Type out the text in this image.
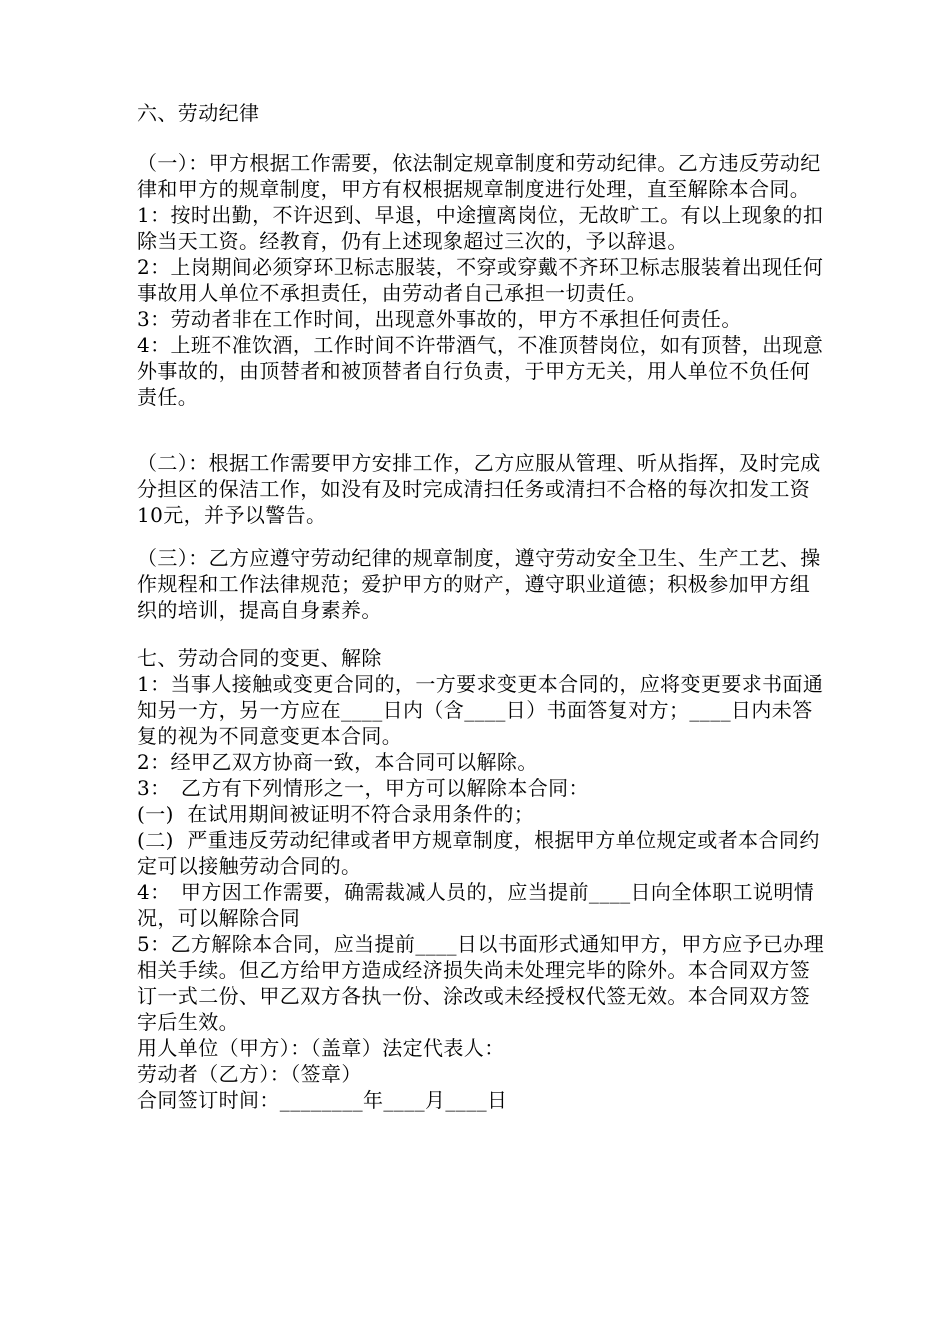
六、劳动纪律
（一）：甲方根据工作需要，依法制定规章制度和劳动纪律。乙方违反劳动纪律和甲方的规章制度，甲方有权根据规章制度进行处理，直至解除本合同。
1：按时出勤，不许迟到、早退，中途擅离岗位，无故旷工。有以上现象的扣除当天工资。经教育，仍有上述现象超过三次的，予以辞退。
2：上岗期间必须穿环卫标志服装，不穿或穿戴不齐环卫标志服装着出现任何事故用人单位不承担责任，由劳动者自己承担一切责任。
3：劳动者非在工作时间，出现意外事故的，甲方不承担任何责任。
4：上班不准饮酒，工作时间不许带酒气，不准顶替岗位，如有顶替，出现意外事故的，由顶替者和被顶替者自行负责，于甲方无关，用人单位不负任何责任。
（二）：根据工作需要甲方安排工作，乙方应服从管理、听从指挥，及时完成分担区的保洁工作，如没有及时完成清扫任务或清扫不合格的每次扣发工资10元，并予以警告。
（三）：乙方应遵守劳动纪律的规章制度，遵守劳动安全卫生、生产工艺、操作规程和工作法律规范；爱护甲方的财产，遵守职业道德；积极参加甲方组织的培训，提高自身素养。
七、劳动合同的变更、解除
1：当事人接触或变更合同的，一方要求变更本合同的，应将变更要求书面通知另一方，另一方应在____日内（含____日）书面答复对方；____日内未答复的视为不同意变更本合同。
2：经甲乙双方协商一致，本合同可以解除。
3：　乙方有下列情形之一，甲方可以解除本合同：
(一)  在试用期间被证明不符合录用条件的；
(二)  严重违反劳动纪律或者甲方规章制度，根据甲方单位规定或者本合同约定可以接触劳动合同的。
4：　甲方因工作需要，确需裁减人员的，应当提前____日向全体职工说明情况，可以解除合同
5：乙方解除本合同，应当提前____日以书面形式通知甲方，甲方应予已办理相关手续。但乙方给甲方造成经济损失尚未处理完毕的除外。本合同双方签订一式二份、甲乙双方各执一份、涂改或未经授权代签无效。本合同双方签字后生效。
用人单位（甲方）：（盖章）法定代表人：
劳动者（乙方）：（签章）
合同签订时间：________年____月____日
